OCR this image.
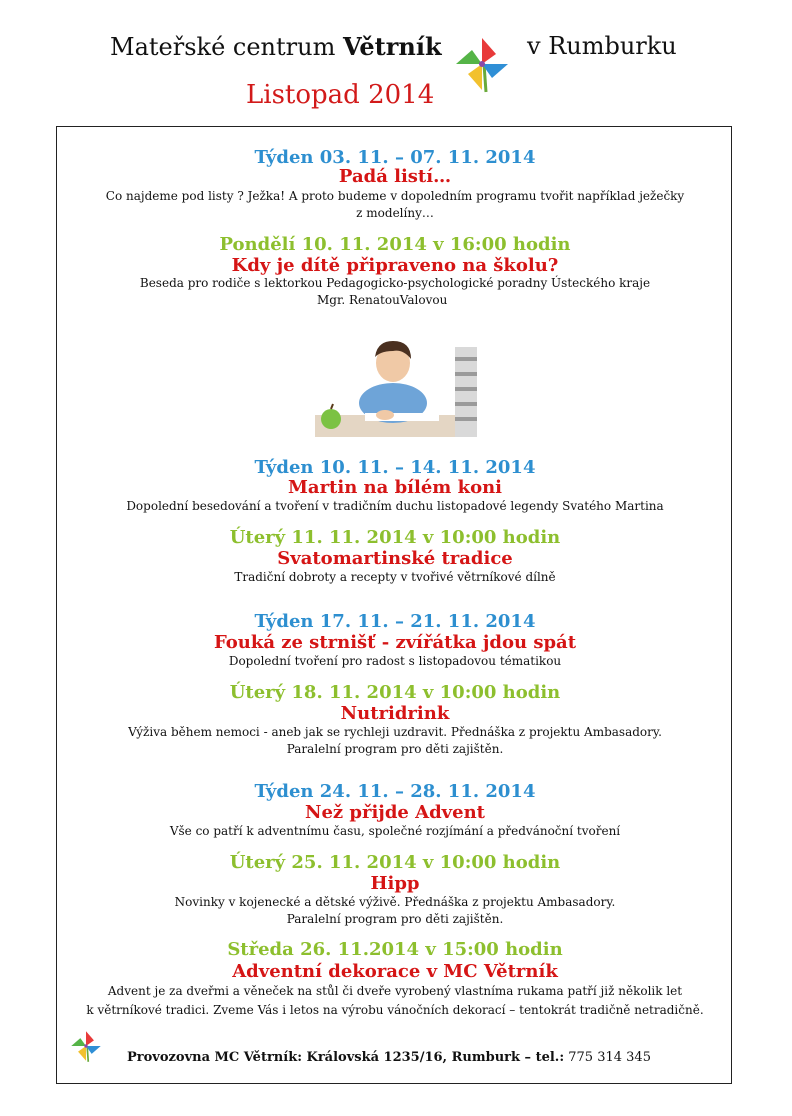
Mateřské centrum Větrník	v Rumburku
Listopad 2014
Týden 03. 11. – 07. 11. 2014
Padá listí…
Co najdeme pod listy ? Ježka! A proto budeme v dopoledním programu tvořit například ježečky
z modelíny…
Pondělí 10. 11. 2014 v 16:00 hodin
Kdy je dítě připraveno na školu?
Beseda pro rodiče s lektorkou Pedagogicko-psychologické poradny Ústeckého kraje
Mgr. RenatouValovou
Týden 10. 11. – 14. 11. 2014
Martin na bílém koni
Dopolední besedování a tvoření v tradičním duchu listopadové legendy Svatého Martina
Úterý 11. 11. 2014 v 10:00 hodin
Svatomartinské tradice
Tradiční dobroty a recepty v tvořivé větrníkové dílně
Týden 17. 11. – 21. 11. 2014
Fouká ze strnišť - zvířátka jdou spát
Dopolední tvoření pro radost s listopadovou tématikou
Úterý 18. 11. 2014 v 10:00 hodin
Nutridrink
Výživa během nemoci - aneb jak se rychleji uzdravit. Přednáška z projektu Ambasadory.
Paralelní program pro děti zajištěn.
Týden 24. 11. – 28. 11. 2014
Než přijde Advent
Vše co patří k adventnímu času, společné rozjímání a předvánoční tvoření
Úterý 25. 11. 2014 v 10:00 hodin
Hipp
Novinky v kojenecké a dětské výživě. Přednáška z projektu Ambasadory.
Paralelní program pro děti zajištěn.
Středa 26. 11.2014 v 15:00 hodin
Adventní dekorace v MC Větrník
Advent je za dveřmi a věneček na stůl či dveře vyrobený vlastníma rukama patří již několik let
k větrníkové tradici. Zveme Vás i letos na výrobu vánočních dekorací – tentokrát tradičně netradičně.
Provozovna MC Větrník: Královská 1235/16, Rumburk – tel.: 775 314 345
